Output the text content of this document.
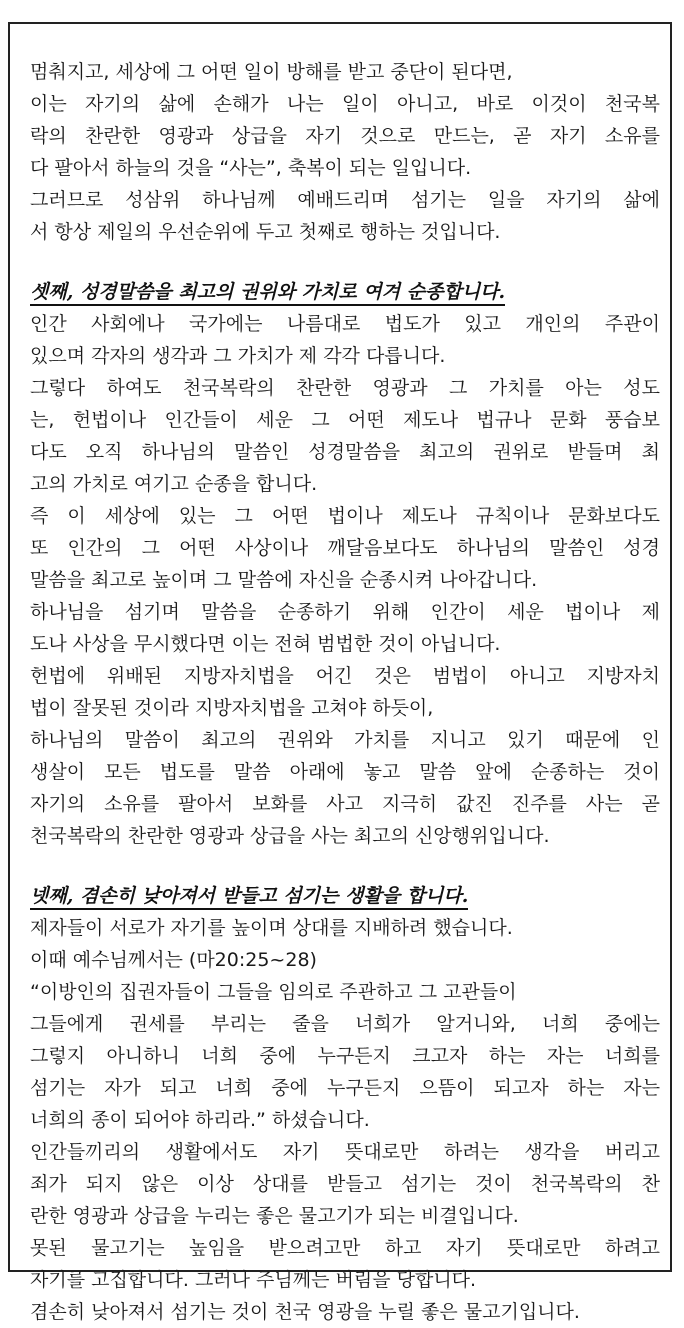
멈춰지고, 세상에 그 어떤 일이 방해를 받고 중단이 된다면,
이는 자기의 삶에 손해가 나는 일이 아니고, 바로 이것이 천국복
락의 찬란한 영광과 상급을 자기 것으로 만드는, 곧 자기 소유를
다 팔아서 하늘의 것을 “사는”, 축복이 되는 일입니다.
그러므로 성삼위 하나님께 예배드리며 섬기는 일을 자기의 삶에
서 항상 제일의 우선순위에 두고 첫째로 행하는 것입니다.
셋째, 성경말씀을 최고의 권위와 가치로 여겨 순종합니다.
인간 사회에나 국가에는 나름대로 법도가 있고 개인의 주관이
있으며 각자의 생각과 그 가치가 제 각각 다릅니다.
그렇다 하여도 천국복락의 찬란한 영광과 그 가치를 아는 성도
는, 헌법이나 인간들이 세운 그 어떤 제도나 법규나 문화 풍습보
다도 오직 하나님의 말씀인 성경말씀을 최고의 권위로 받들며 최
고의 가치로 여기고 순종을 합니다.
즉 이 세상에 있는 그 어떤 법이나 제도나 규칙이나 문화보다도
또 인간의 그 어떤 사상이나 깨달음보다도 하나님의 말씀인 성경
말씀을 최고로 높이며 그 말씀에 자신을 순종시켜 나아갑니다.
하나님을 섬기며 말씀을 순종하기 위해 인간이 세운 법이나 제
도나 사상을 무시했다면 이는 전혀 범법한 것이 아닙니다.
헌법에 위배된 지방자치법을 어긴 것은 범법이 아니고 지방자치
법이 잘못된 것이라 지방자치법을 고쳐야 하듯이,
하나님의 말씀이 최고의 권위와 가치를 지니고 있기 때문에 인
생살이 모든 법도를 말씀 아래에 놓고 말씀 앞에 순종하는 것이
자기의 소유를 팔아서 보화를 사고 지극히 값진 진주를 사는 곧
천국복락의 찬란한 영광과 상급을 사는 최고의 신앙행위입니다.
넷째, 겸손히 낮아져서 받들고 섬기는 생활을 합니다.
제자들이 서로가 자기를 높이며 상대를 지배하려 했습니다.
이때 예수님께서는 (마20:25~28)
“이방인의 집권자들이 그들을 임의로 주관하고 그 고관들이
그들에게 권세를 부리는 줄을 너희가 알거니와, 너희 중에는
그렇지 아니하니 너희 중에 누구든지 크고자 하는 자는 너희를
섬기는 자가 되고 너희 중에 누구든지 으뜸이 되고자 하는 자는
너희의 종이 되어야 하리라.” 하셨습니다.
인간들끼리의 생활에서도 자기 뜻대로만 하려는 생각을 버리고
죄가 되지 않은 이상 상대를 받들고 섬기는 것이 천국복락의 찬
란한 영광과 상급을 누리는 좋은 물고기가 되는 비결입니다.
못된 물고기는 높임을 받으려고만 하고 자기 뜻대로만 하려고
자기를 고집합니다. 그러나 주님께는 버림을 당합니다.
겸손히 낮아져서 섬기는 것이 천국 영광을 누릴 좋은 물고기입니다.
